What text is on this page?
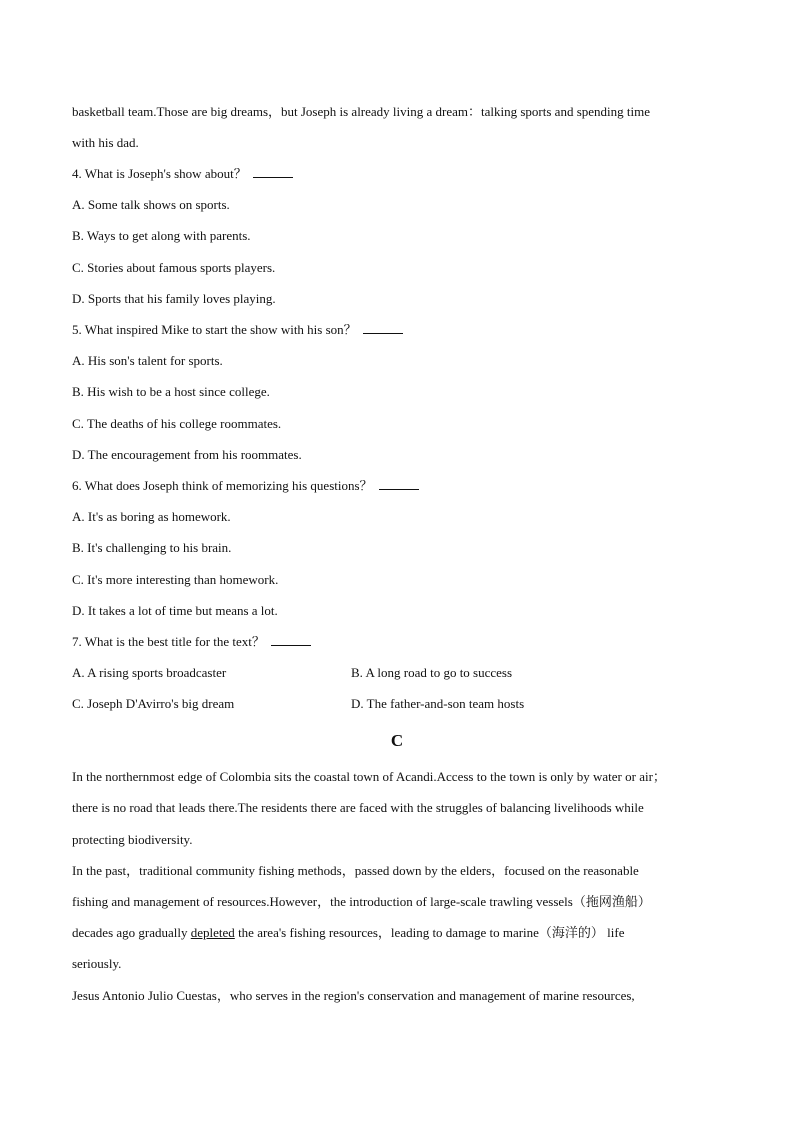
basketball team.Those are big dreams，but Joseph is already living a dream：talking sports and spending time

with his dad.

4. What is Joseph's show about？

A. Some talk shows on sports.

B. Ways to get along with parents.

C. Stories about famous sports players.

D. Sports that his family loves playing.

5. What inspired Mike to start the show with his son？

A. His son's talent for sports.

B. His wish to be a host since college.

C. The deaths of his college roommates.

D. The encouragement from his roommates.

6. What does Joseph think of memorizing his questions？

A. It's as boring as homework.

B. It's challenging to his brain.

C. It's more interesting than homework.

D. It takes a lot of time but means a lot.

7. What is the best title for the text？

A. A rising sports broadcaster	B. A long road to go to success

C. Joseph D'Avirro's big dream	D. The father-and-son team hosts

C

In the northernmost edge of Colombia sits the coastal town of Acandi.Access to the town is only by water or air；

there is no road that leads there.The residents there are faced with the struggles of balancing livelihoods while

protecting biodiversity.

In the past，traditional community fishing methods，passed down by the elders，focused on the reasonable

fishing and management of resources.However，the introduction of large-scale trawling vessels（拖网渔船）

decades ago gradually depleted the area's fishing resources，leading to damage to marine（海洋的） life

seriously.

Jesus Antonio Julio Cuestas，who serves in the region's conservation and management of marine resources,
